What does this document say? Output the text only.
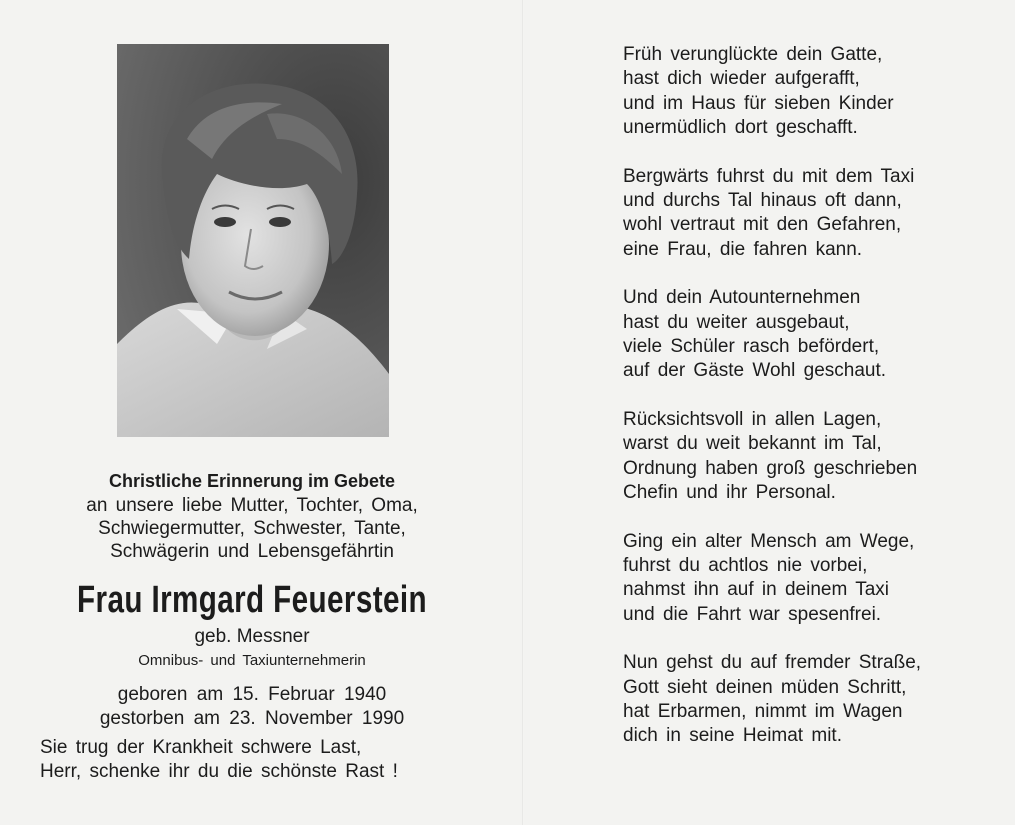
Christliche Erinnerung im Gebete
an unsere liebe Mutter, Tochter, Oma,
Schwiegermutter, Schwester, Tante,
Schwägerin und Lebensgefährtin
Frau Irmgard Feuerstein
geb. Messner
Omnibus- und Taxiunternehmerin
geboren am 15. Februar 1940
gestorben am 23. November 1990
Sie trug der Krankheit schwere Last,
Herr, schenke ihr du die schönste Rast !
Früh verunglückte dein Gatte,
hast dich wieder aufgerafft,
und im Haus für sieben Kinder
unermüdlich dort geschafft.
Bergwärts fuhrst du mit dem Taxi
und durchs Tal hinaus oft dann,
wohl vertraut mit den Gefahren,
eine Frau, die fahren kann.
Und dein Autounternehmen
hast du weiter ausgebaut,
viele Schüler rasch befördert,
auf der Gäste Wohl geschaut.
Rücksichtsvoll in allen Lagen,
warst du weit bekannt im Tal,
Ordnung haben groß geschrieben
Chefin und ihr Personal.
Ging ein alter Mensch am Wege,
fuhrst du achtlos nie vorbei,
nahmst ihn auf in deinem Taxi
und die Fahrt war spesenfrei.
Nun gehst du auf fremder Straße,
Gott sieht deinen müden Schritt,
hat Erbarmen, nimmt im Wagen
dich in seine Heimat mit.
